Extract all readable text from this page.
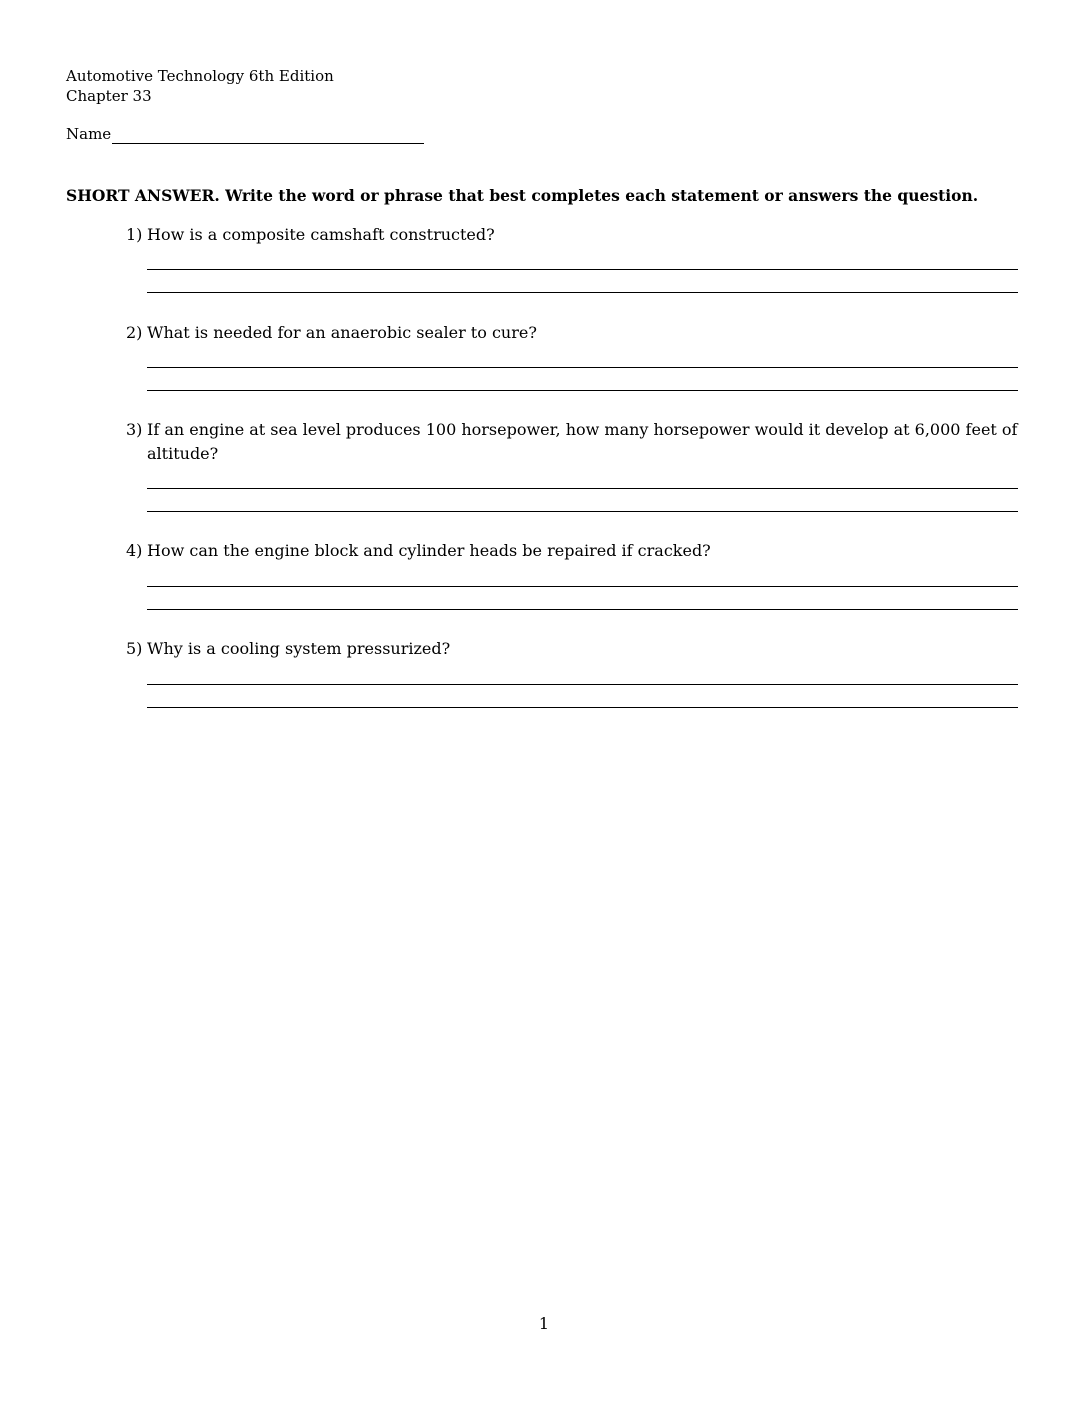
Automotive Technology 6th Edition
Chapter 33
Name
SHORT ANSWER. Write the word or phrase that best completes each statement or answers the question.
1) How is a composite camshaft constructed?
2) What is needed for an anaerobic sealer to cure?
3) If an engine at sea level produces 100 horsepower, how many horsepower would it develop at 6,000 feet of altitude?
4) How can the engine block and cylinder heads be repaired if cracked?
5) Why is a cooling system pressurized?
1
